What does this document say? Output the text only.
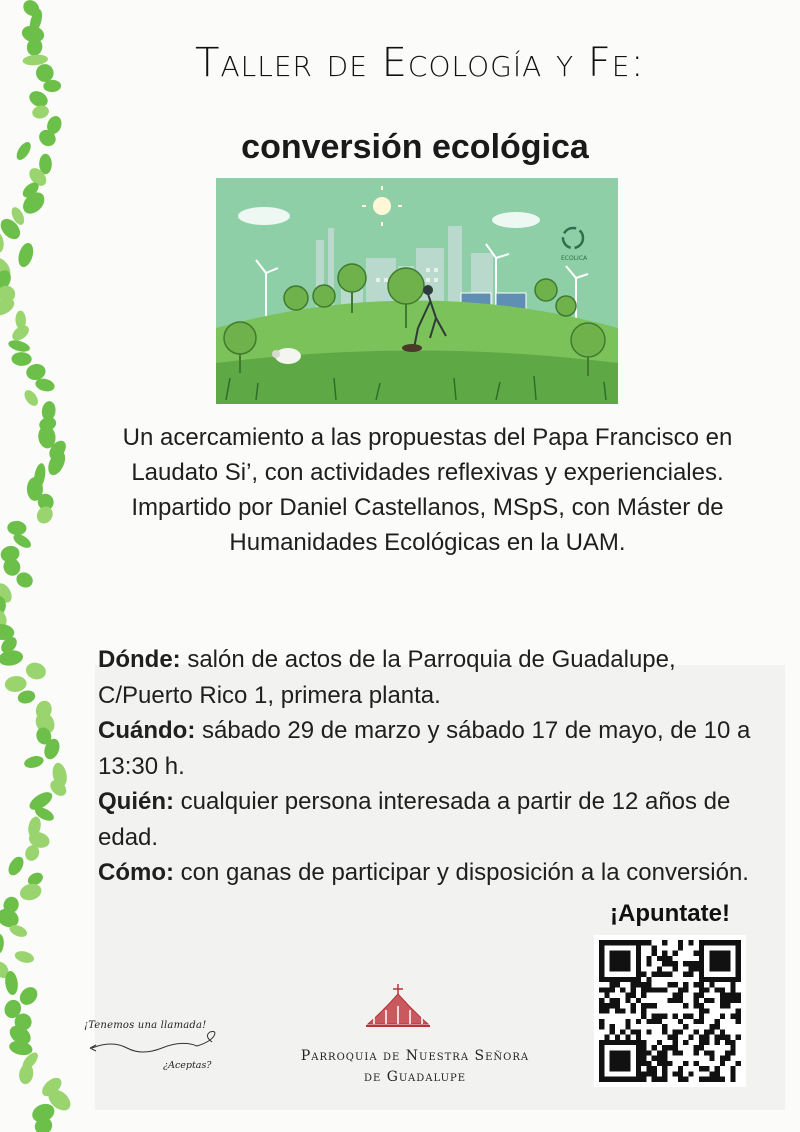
Taller de Ecología y Fe:
conversión ecológica
ECOLICA

Un acercamiento a las propuestas del Papa Francisco en Laudato Si’, con actividades reflexivas y experienciales. Impartido por Daniel Castellanos, MSpS, con Máster de Humanidades Ecológicas en la UAM.

Dónde: salón de actos de la Parroquia de Guadalupe, C/Puerto Rico 1, primera planta.

Cuándo: sábado 29 de marzo y sábado 17 de mayo, de 10 a 13:30 h.

Quién: cualquier persona interesada a partir de 12 años de edad.

Cómo: con ganas de participar y disposición a la conversión.

¡Apuntate!
¡Tenemos una llamada!
¿Aceptas?
Parroquia de Nuestra Señora
de Guadalupe
